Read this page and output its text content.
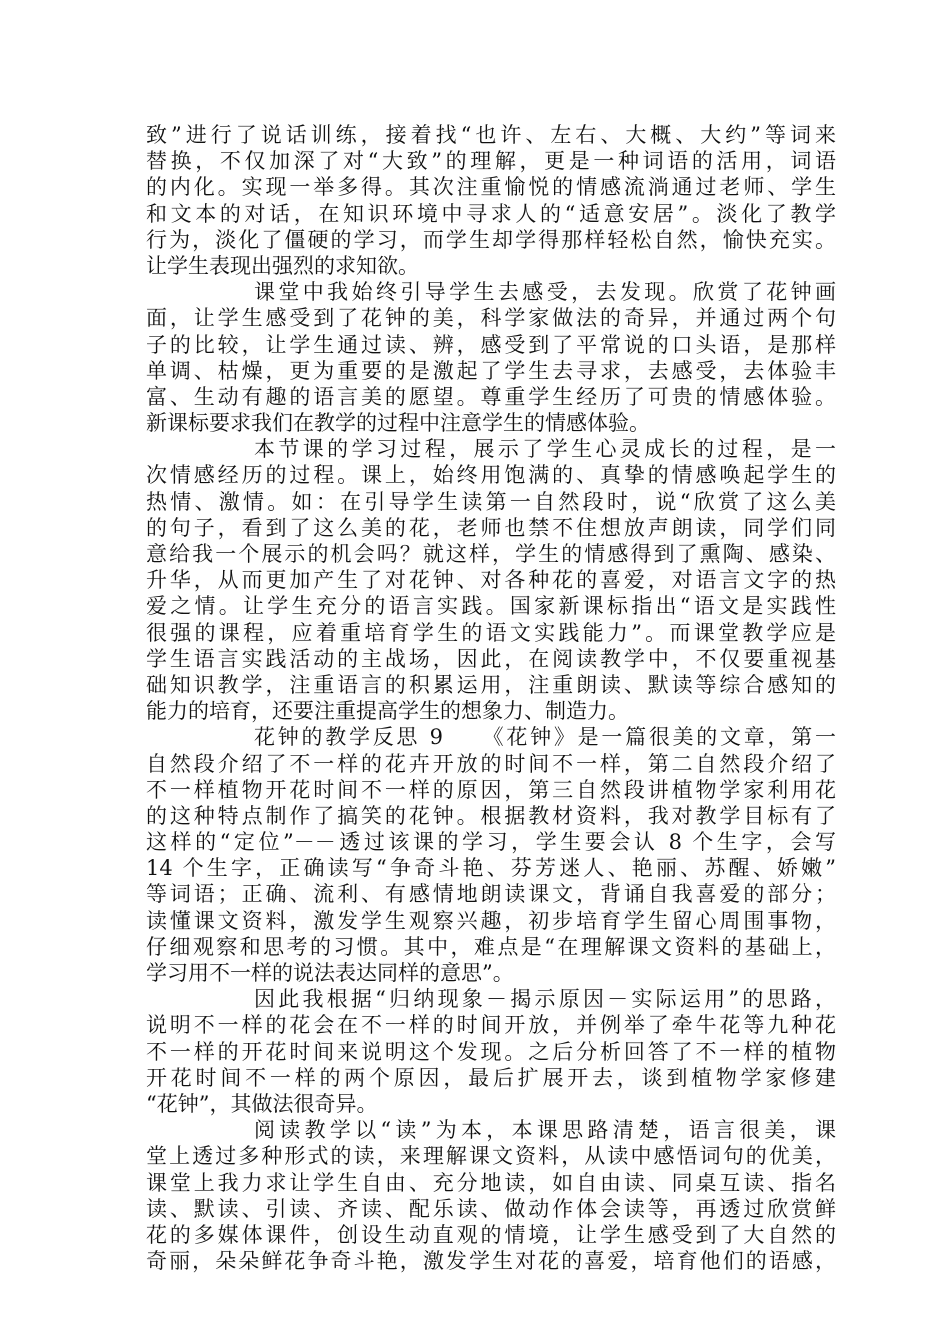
致”进行了说话训练，接着找“也许、左右、大概、大约”等词来
替换，不仅加深了对“大致”的理解，更是一种词语的活用，词语
的内化。实现一举多得。其次注重愉悦的情感流淌通过老师、学生
和文本的对话，在知识环境中寻求人的“适意安居”。淡化了教学
行为，淡化了僵硬的学习，而学生却学得那样轻松自然，愉快充实。
让学生表现出强烈的求知欲。
课堂中我始终引导学生去感受，去发现。欣赏了花钟画
面，让学生感受到了花钟的美，科学家做法的奇异，并通过两个句
子的比较，让学生通过读、辨，感受到了平常说的口头语，是那样
单调、枯燥，更为重要的是激起了学生去寻求，去感受，去体验丰
富、生动有趣的语言美的愿望。尊重学生经历了可贵的情感体验。
新课标要求我们在教学的过程中注意学生的情感体验。
本节课的学习过程，展示了学生心灵成长的过程，是一
次情感经历的过程。课上，始终用饱满的、真挚的情感唤起学生的
热情、激情。如：在引导学生读第一自然段时，说“欣赏了这么美
的句子，看到了这么美的花，老师也禁不住想放声朗读，同学们同
意给我一个展示的机会吗？就这样，学生的情感得到了熏陶、感染、
升华，从而更加产生了对花钟、对各种花的喜爱，对语言文字的热
爱之情。让学生充分的语言实践。国家新课标指出“语文是实践性
很强的课程，应着重培育学生的语文实践能力”。而课堂教学应是
学生语言实践活动的主战场，因此，在阅读教学中，不仅要重视基
础知识教学，注重语言的积累运用，注重朗读、默读等综合感知的
能力的培育，还要注重提高学生的想象力、制造力。
花钟的教学反思 9　　《花钟》是一篇很美的文章，第一
自然段介绍了不一样的花卉开放的时间不一样，第二自然段介绍了
不一样植物开花时间不一样的原因，第三自然段讲植物学家利用花
的这种特点制作了搞笑的花钟。根据教材资料，我对教学目标有了
这样的“定位”－－透过该课的学习，学生要会认 8 个生字，会写
14 个生字，正确读写“争奇斗艳、芬芳迷人、艳丽、苏醒、娇嫩”
等词语；正确、流利、有感情地朗读课文，背诵自我喜爱的部分；
读懂课文资料，激发学生观察兴趣，初步培育学生留心周围事物，
仔细观察和思考的习惯。其中，难点是“在理解课文资料的基础上，
学习用不一样的说法表达同样的意思”。
因此我根据“归纳现象－揭示原因－实际运用”的思路，
说明不一样的花会在不一样的时间开放，并例举了牵牛花等九种花
不一样的开花时间来说明这个发现。之后分析回答了不一样的植物
开花时间不一样的两个原因，最后扩展开去，谈到植物学家修建
“花钟”，其做法很奇异。
阅读教学以“读”为本，本课思路清楚，语言很美，课
堂上透过多种形式的读，来理解课文资料，从读中感悟词句的优美，
课堂上我力求让学生自由、充分地读，如自由读、同桌互读、指名
读、默读、引读、齐读、配乐读、做动作体会读等，再透过欣赏鲜
花的多媒体课件，创设生动直观的情境，让学生感受到了大自然的
奇丽，朵朵鲜花争奇斗艳，激发学生对花的喜爱，培育他们的语感，
